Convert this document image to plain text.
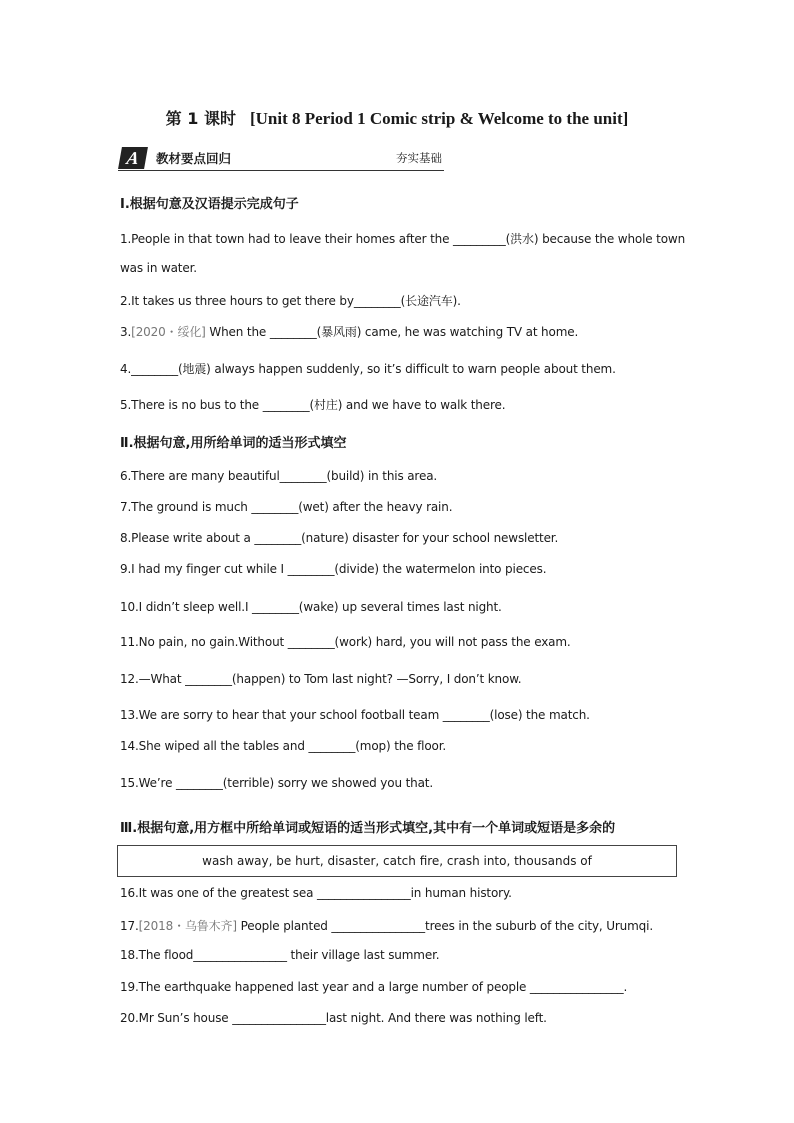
第 1 课时 [Unit 8 Period 1 Comic strip & Welcome to the unit]
A	教材要点回归	夯实基础
Ⅰ.根据句意及汉语提示完成句子
1.People in that town had to leave their homes after the _________(洪水) because the whole town
was in water.
2.It takes us three hours to get there by________(长途汽车).
3.[2020・绥化] When the ________(暴风雨) came, he was watching TV at home.
4.________(地震) always happen suddenly, so it’s difficult to warn people about them.
5.There is no bus to the ________(村庄) and we have to walk there.
Ⅱ.根据句意,用所给单词的适当形式填空
6.There are many beautiful________(build) in this area.
7.The ground is much ________(wet) after the heavy rain.
8.Please write about a ________(nature) disaster for your school newsletter.
9.I had my finger cut while I ________(divide) the watermelon into pieces.
10.I didn’t sleep well.I ________(wake) up several times last night.
11.No pain, no gain.Without ________(work) hard, you will not pass the exam.
12.—What ________(happen) to Tom last night? —Sorry, I don’t know.
13.We are sorry to hear that your school football team ________(lose) the match.
14.She wiped all the tables and ________(mop) the floor.
15.We’re ________(terrible) sorry we showed you that.
Ⅲ.根据句意,用方框中所给单词或短语的适当形式填空,其中有一个单词或短语是多余的
wash away, be hurt, disaster, catch fire, crash into, thousands of
16.It was one of the greatest sea ________________in human history.
17.[2018・乌鲁木齐] People planted ________________trees in the suburb of the city, Urumqi.
18.The flood________________ their village last summer.
19.The earthquake happened last year and a large number of people ________________.
20.Mr Sun’s house ________________last night. And there was nothing left.
